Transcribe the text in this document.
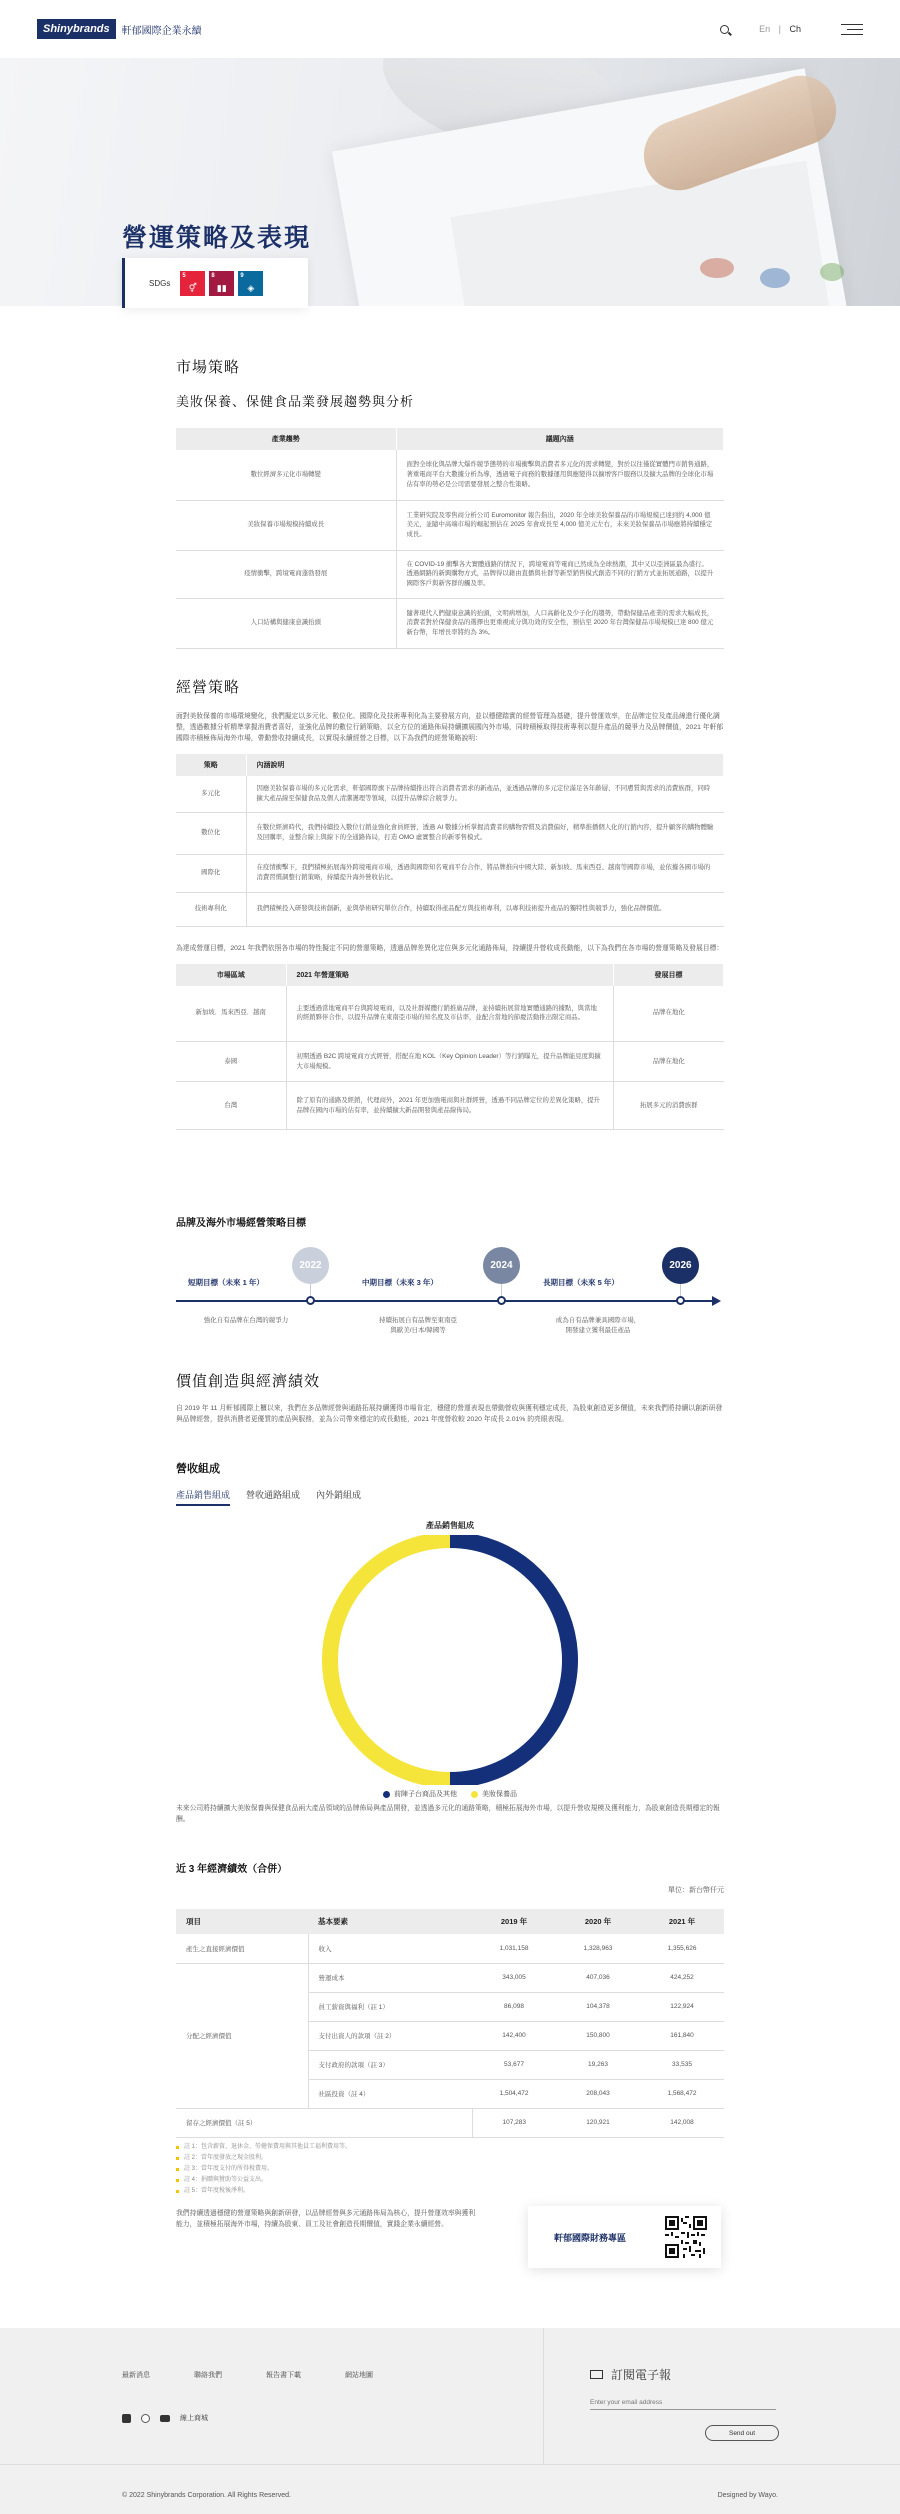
Shinybrands 軒郁國際企業永續	En | Ch
營運策略及表現
SDGs
5
⚥
8
▮▮
9
◈
市場策略
美妝保養、保健食品業發展趨勢與分析
產業趨勢	議題內涵
數位經濟多元化市場轉變	面對全球化與品牌大爆炸競爭態勢的市場衝擊與消費者多元化的需求轉變，對於以往僅從實體門市銷售通路，著重電商平台大數據分析為導，透過電子商務的數據運用與應變得以擴增客戶服務以及擴大品牌的全球化市場佔有率的勢必是公司需要發展之整合性策略。
美妝保養市場規模持續成長	工業研究院及零售商分析公司 Euromonitor 報告指出，2020 年全球美妝保養品的市場規模已達到約 4,000 億美元，並隨中高端市場的崛起預估在 2025 年會成長至 4,000 億美元左右，未來美妝保養品市場應將持續穩定成長。
疫情衝擊，跨境電商蓬勃發展	在 COVID-19 衝擊各大實體通路的情況下，跨境電商等電商已然成為全球熱潮，其中又以亞洲區最為盛行。透過網路的新興購物方式，品牌得以藉由直播與社群等新型銷售模式創造不同的行銷方式並拓展通路，以提升國際客戶與新客群的觸及率。
人口結構與健康意識抬頭	隨著現代人們健康意識的抬頭，文明病增加，人口高齡化及少子化的趨勢，帶動保健品產業的需求大幅成長，消費者對於保健食品的選擇也更重視成分與功效的安全性，預估至 2020 年台灣保健品市場規模已達 800 億元新台幣，年增長率將約為 3%。
經營策略

面對美妝保養的市場環境變化，我們擬定以多元化、數位化、國際化及技術專利化為主要發展方向，並以穩健踏實的經營管理為基礎，提升營運效率，在品牌定位及產品線進行優化調整，透過數據分析精準掌握消費者喜好，並強化品牌的數位行銷策略，以全方位的通路佈局持續擴展國內外市場，同時積極取得技術專利以提升產品的競爭力及品牌價值，2021 年軒郁國際亦積極佈局海外市場，帶動營收持續成長，以實現永續經營之目標，以下為我們的經營策略說明：

策略	內涵說明
多元化	因應美妝保養市場的多元化需求，軒郁國際旗下品牌持續推出符合消費者需求的新產品，並透過品牌的多元定位滿足各年齡層、不同膚質與需求的消費族群，同時擴大產品線至保健食品及個人清潔護理等領域，以提升品牌綜合競爭力。
數位化	在數位經濟時代，我們持續投入數位行銷並強化會員經營，透過 AI 數據分析掌握消費者的購物習慣及消費偏好，精準推播個人化的行銷內容，提升顧客的購物體驗及回購率，並整合線上與線下的全通路佈局，打造 OMO 虛實整合的新零售模式。
國際化	在疫情衝擊下，我們積極拓展海外跨境電商市場，透過與國際知名電商平台合作，將品牌推向中國大陸、新加坡、馬來西亞、越南等國際市場，並依據各國市場的消費習慣調整行銷策略，持續提升海外營收佔比。
技術專利化	我們積極投入研發與技術創新，並與學術研究單位合作，持續取得產品配方與技術專利，以專利技術提升產品的獨特性與競爭力，強化品牌價值。

為達成營運目標，2021 年我們依照各市場的特性擬定不同的營運策略，透過品牌差異化定位與多元化通路佈局，持續提升營收成長動能，以下為我們在各市場的營運策略及發展目標：

市場區域	2021 年營運策略	發展目標
新加坡．馬來西亞．越南	主要透過當地電商平台與跨境電商，以及社群媒體行銷推廣品牌，並持續拓展當地實體通路的據點，與當地的經銷夥伴合作，以提升品牌在東南亞市場的知名度及市佔率，並配合當地的節慶活動推出限定商品。	品牌在地化
泰國	初期透過 B2C 跨境電商方式經營，搭配在地 KOL（Key Opinion Leader）等行銷曝光，提升品牌能見度與擴大市場規模。	品牌在地化
台灣	除了原有的通路及經銷，代理商外，2021 年更加強電商與社群經營，透過不同品牌定位的差異化策略，提升品牌在國內市場的佔有率，並持續擴大新品開發與產品線佈局。	拓展多元的消費族群
品牌及海外市場經營策略目標
2022
短期目標（未來 1 年）
強化自有品牌在台灣的競爭力
2024
中期目標（未來 3 年）
持續拓展自有品牌至東南亞
與歐美/日本/韓國等
2026
長期目標（未來 5 年）
成為自有品牌兼具國際市場，
開發建立獲利最佳產品
價值創造與經濟績效

自 2019 年 11 月軒郁國際上櫃以來，我們在多品牌經營與通路拓展持續獲得市場肯定，穩健的營運表現也帶動營收與獲利穩定成長，為股東創造更多價值，未來我們將持續以創新研發與品牌經營，提供消費者更優質的產品與服務，並為公司帶來穩定的成長動能，2021 年度營收較 2020 年成長 2.01% 的亮眼表現。

營收組成
產品銷售組成 營收通路組成 內外銷組成
產品銷售組成
前陣子台商品及其他	美妝保養品

未來公司將持續擴大美妝保養與保健食品兩大產品領域的品牌佈局與產品開發，並透過多元化的通路策略，積極拓展海外市場，以提升營收規模及獲利能力，為股東創造長期穩定的報酬。

近 3 年經濟績效（合併）
單位：新台幣仟元
項目	基本要素	2019 年	2020 年	2021 年
產生之直接經濟價值	收入	1,031,158	1,328,963	1,355,626
分配之經濟價值	營運成本	343,005	407,036	424,252
	員工薪資與福利（註 1）	86,098	104,378	122,924
	支付出資人的款項（註 2）	142,400	150,800	161,840
	支付政府的款項（註 3）	53,677	19,263	33,535
	社區投資（註 4）	1,504,472	208,043	1,568,472
留存之經濟價值（註 5）		107,283	120,921	142,008
註 1：包含薪資、退休金、勞健保費用與其他員工福利費用等。
註 2：當年度發放之現金股利。
註 3：當年度支付的所得稅費用。
註 4：捐贈與贊助等公益支出。
註 5：當年度稅後淨利。

我們持續透過穩健的營運策略與創新研發，以品牌經營與多元通路佈局為核心，提升營運效率與獲利能力，並積極拓展海外市場，持續為股東、員工及社會創造長期價值，實踐企業永續經營。

軒郁國際財務專區
最新消息	聯絡我們	報告書下載	網站地圖
線上商城
訂閱電子報
Enter your email address
Send out
© 2022 Shinybrands Corporation. All Rights Reserved.	Designed by Wayo.
